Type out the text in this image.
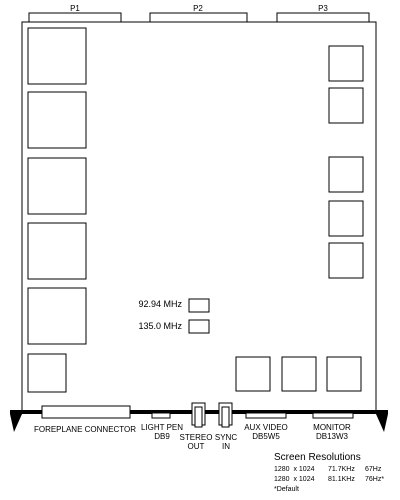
P1	P2	P3
92.94 MHz
135.0 MHz
FOREPLANE CONNECTOR LIGHT PEN
DB9 STEREO
OUT
SYNC
IN
AUX VIDEO
DB5W5
MONITOR
DB13W3
Screen Resolutions
1280  x 1024 71.7KHz 67Hz
1280  x 1024 81.1KHz 76Hz*
*Default
